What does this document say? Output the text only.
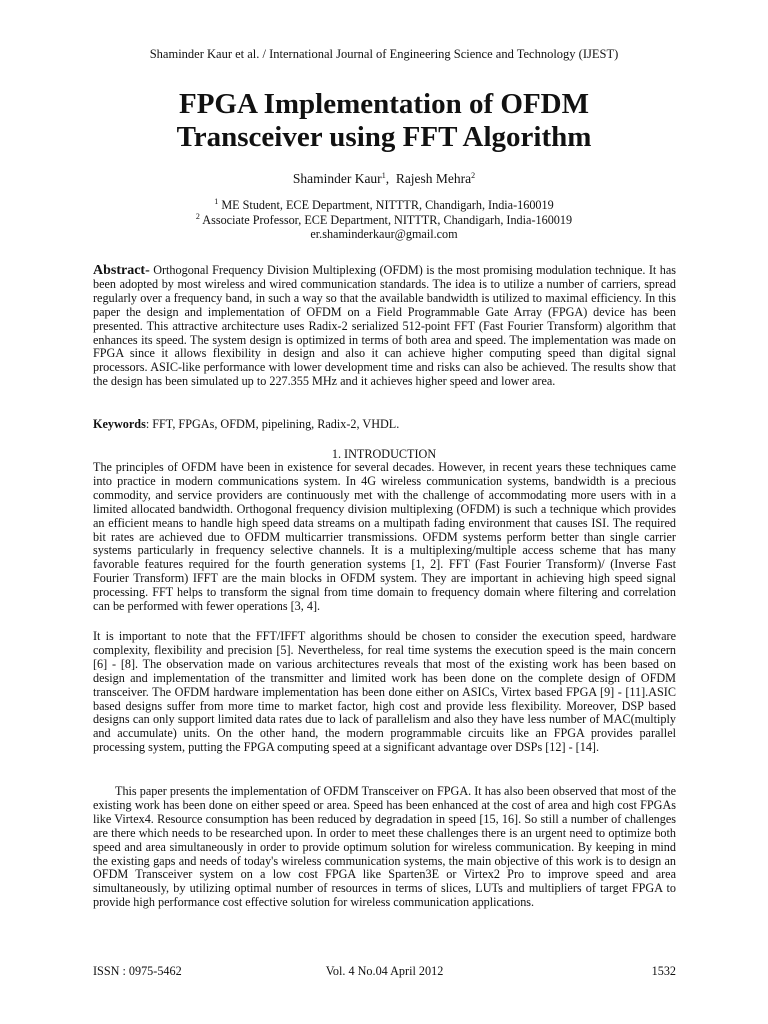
Shaminder Kaur et al. / International Journal of Engineering Science and Technology (IJEST)
FPGA Implementation of OFDM
Transceiver using FFT Algorithm
Shaminder Kaur$^1$,  Rajesh Mehra$^2$
$^1$ ME Student, ECE Department, NITTTR, Chandigarh, India-160019
$^2$ Associate Professor, ECE Department, NITTTR, Chandigarh, India-160019
er.shaminderkaur@gmail.com

Abstract- Orthogonal Frequency Division Multiplexing (OFDM) is the most promising modulation technique. It has been adopted by most wireless and wired communication standards. The idea is to utilize a number of carriers, spread regularly over a frequency band, in such a way so that the available bandwidth is utilized to maximal efficiency. In this paper the design and implementation of OFDM on a Field Programmable Gate Array (FPGA) device has been presented. This attractive architecture uses Radix-2 serialized 512-point FFT (Fast Fourier Transform) algorithm that enhances its speed. The system design is optimized in terms of both area and speed. The implementation was made on FPGA since it allows flexibility in design and also it can achieve higher computing speed than digital signal processors. ASIC-like performance with lower development time and risks can also be achieved. The results show that the design has been simulated up to 227.355 MHz and it achieves higher speed and lower area.

Keywords: FFT, FPGAs, OFDM, pipelining, Radix-2, VHDL.

1. INTRODUCTION

The principles of OFDM have been in existence for several decades. However, in recent years these techniques came into practice in modern communications system. In 4G wireless communication systems, bandwidth is a precious commodity, and service providers are continuously met with the challenge of accommodating more users with in a limited allocated bandwidth. Orthogonal frequency division multiplexing (OFDM) is such a technique which provides an efficient means to handle high speed data streams on a multipath fading environment that causes ISI. The required bit rates are achieved due to OFDM multicarrier transmissions. OFDM systems perform better than single carrier systems particularly in frequency selective channels. It is a multiplexing/multiple access scheme that has many favorable features required for the fourth generation systems [1, 2]. FFT (Fast Fourier Transform)/ (Inverse Fast Fourier Transform) IFFT are the main blocks in OFDM system. They are important in achieving high speed signal processing. FFT helps to transform the signal from time domain to frequency domain where filtering and correlation can be performed with fewer operations [3, 4].

It is important to note that the FFT/IFFT algorithms should be chosen to consider the execution speed, hardware complexity, flexibility and precision [5]. Nevertheless, for real time systems the execution speed is the main concern [6] - [8]. The observation made on various architectures reveals that most of the existing work has been based on design and implementation of the transmitter and limited work has been done on the complete design of OFDM transceiver. The OFDM hardware implementation has been done either on ASICs, Virtex based FPGA [9] - [11].ASIC based designs suffer from more time to market factor, high cost and provide less flexibility. Moreover, DSP based designs can only support limited data rates due to lack of parallelism and also they have less number of MAC(multiply and accumulate) units. On the other hand, the modern programmable circuits like an FPGA provides parallel processing system, putting the FPGA computing speed at a significant advantage over DSPs [12] - [14].

This paper presents the implementation of OFDM Transceiver on FPGA. It has also been observed that most of the existing work has been done on either speed or area. Speed has been enhanced at the cost of area and high cost FPGAs like Virtex4. Resource consumption has been reduced by degradation in speed [15, 16]. So still a number of challenges are there which needs to be researched upon. In order to meet these challenges there is an urgent need to optimize both speed and area simultaneously in order to provide optimum solution for wireless communication. By keeping in mind the existing gaps and needs of today's wireless communication systems, the main objective of this work is to design an OFDM Transceiver system on a low cost FPGA like Sparten3E or Virtex2 Pro to improve speed and area simultaneously, by utilizing optimal number of resources in terms of slices, LUTs and multipliers of target FPGA to provide high performance cost effective solution for wireless communication applications.

ISSN : 0975-5462	Vol. 4 No.04 April 2012	1532
